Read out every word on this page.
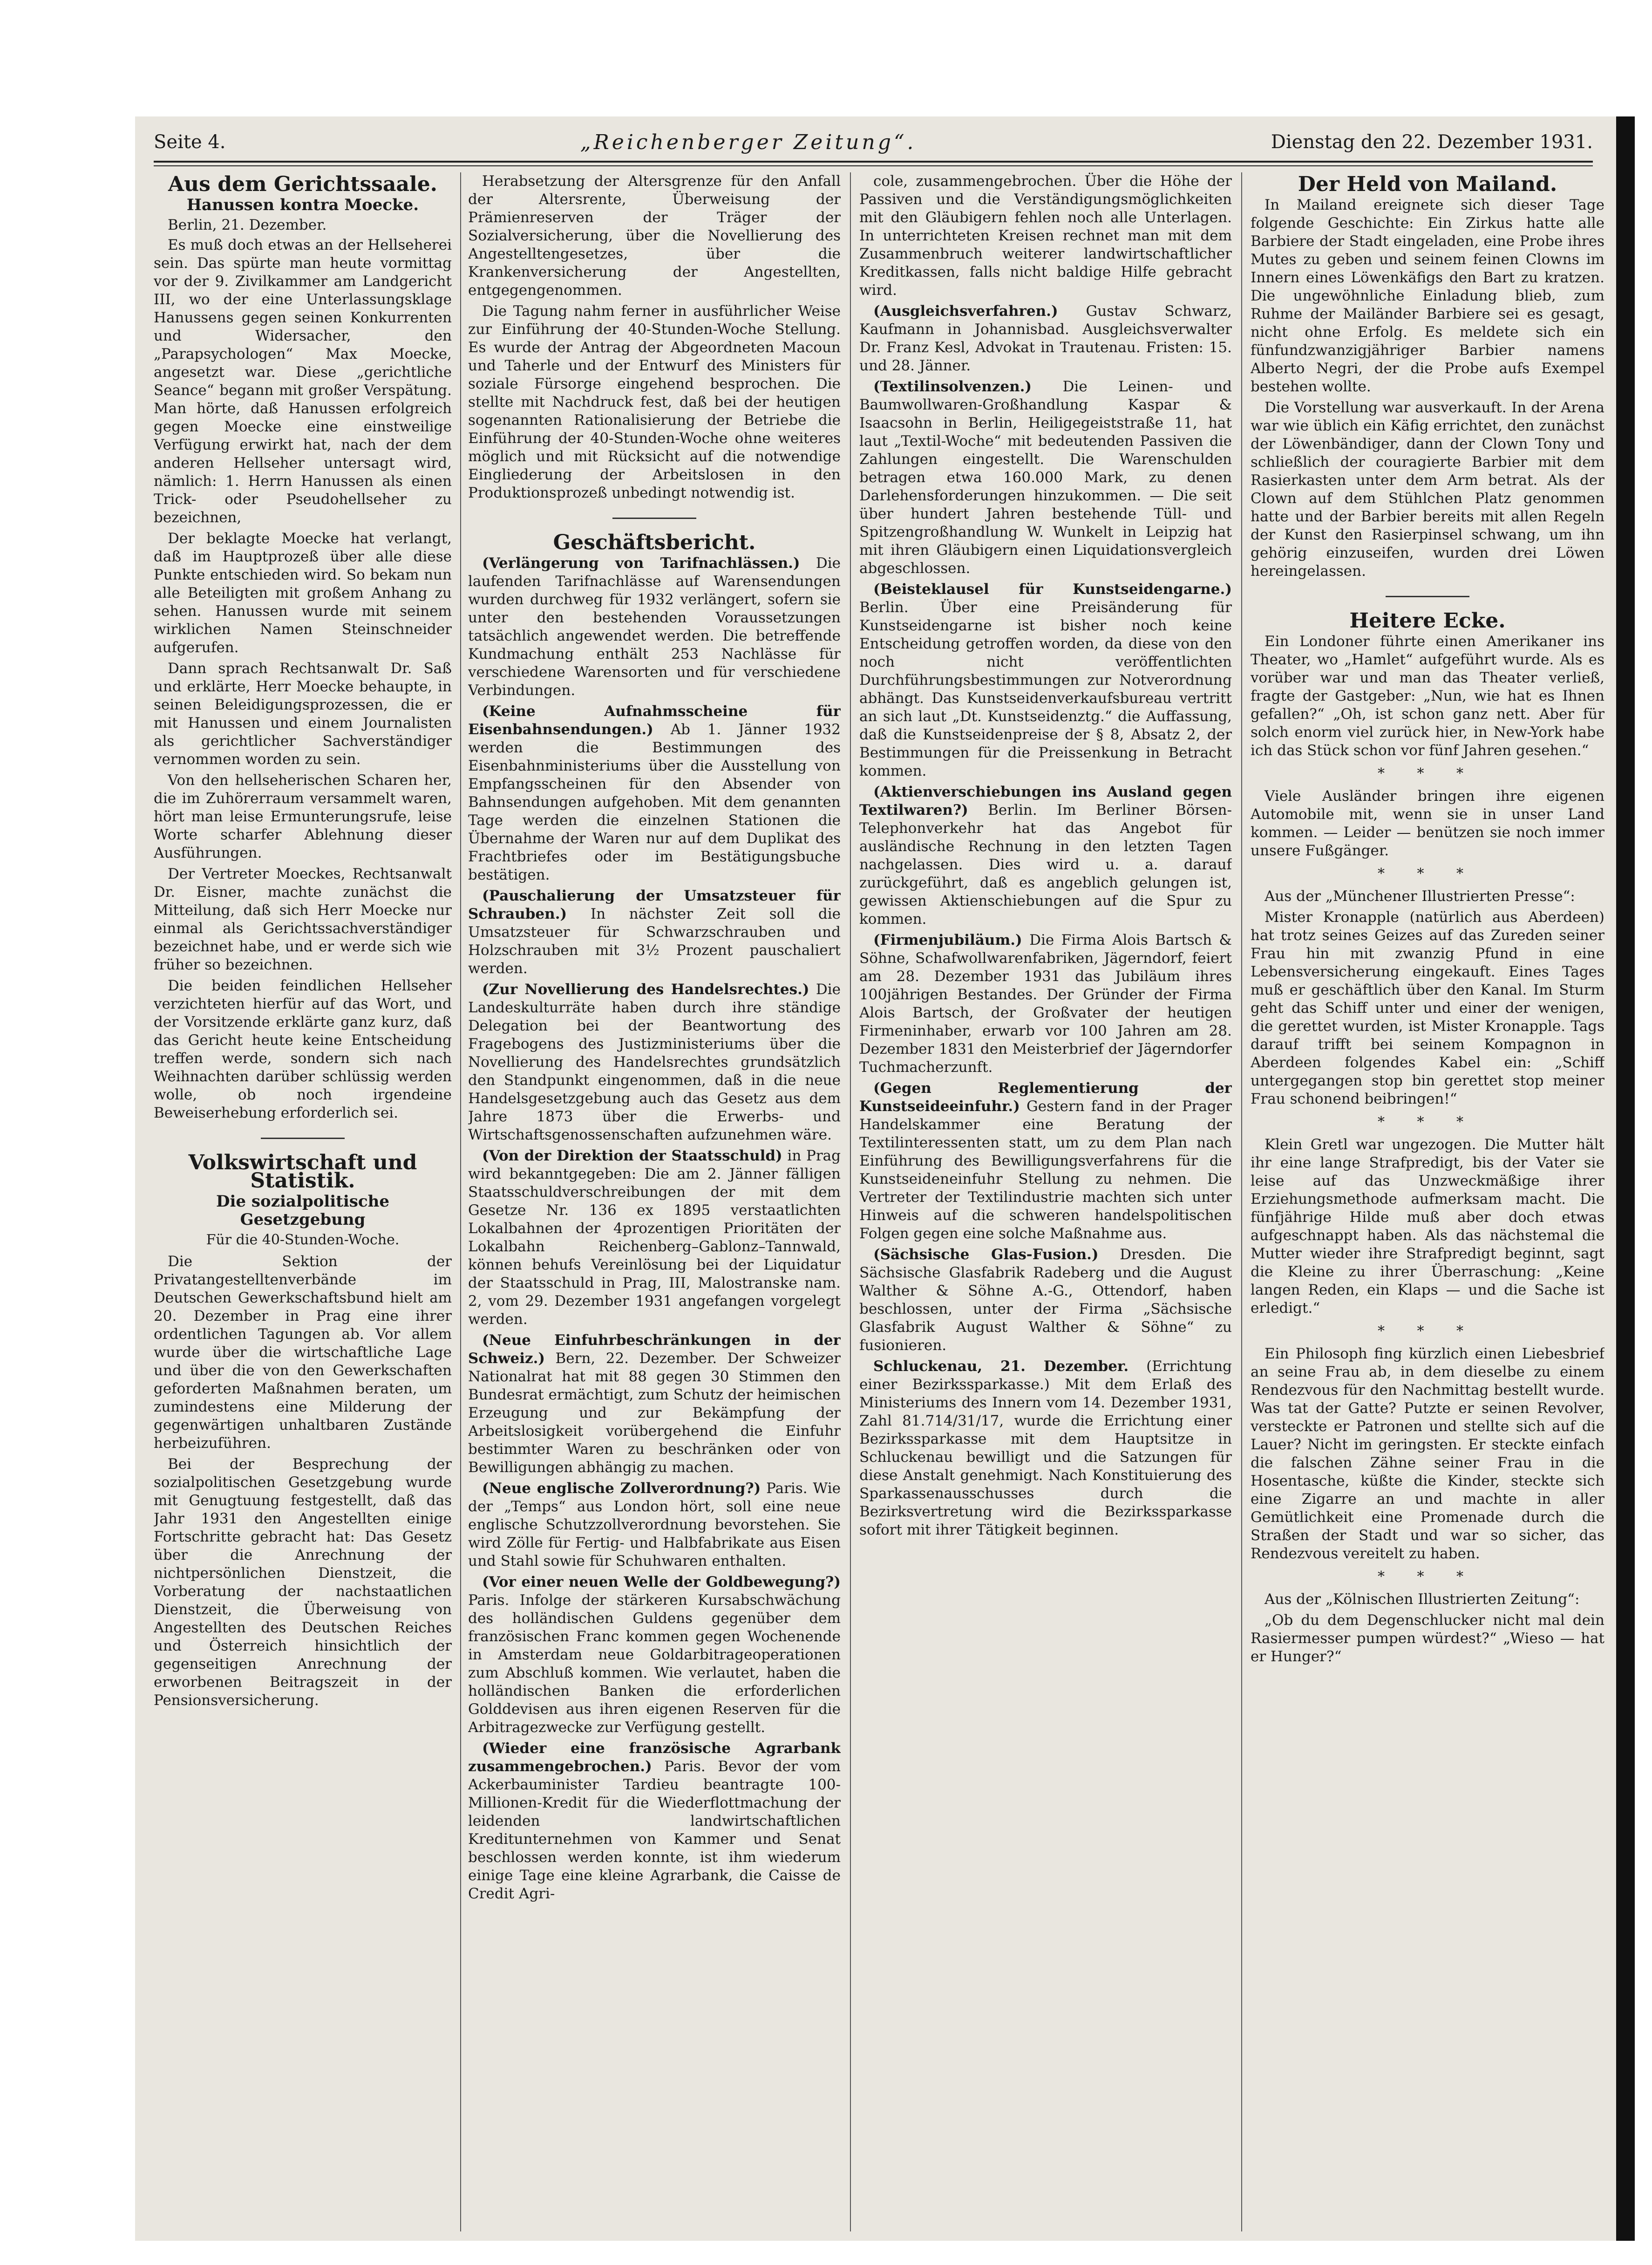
Seite 4.	„Reichenberger Zeitung“.	Dienstag den 22. Dezember 1931.
Aus dem Gerichtssaale.
Hanussen kontra Moecke.
Berlin, 21. Dezember.

Es muß doch etwas an der Hellseherei sein. Das spürte man heute vormittag vor der 9. Zivilkammer am Landgericht III, wo der eine Unterlassungsklage Hanussens gegen seinen Konkurrenten und Widersacher, den „Parapsychologen“ Max Moecke, angesetzt war. Diese „gerichtliche Seance“ begann mit großer Verspätung. Man hörte, daß Hanussen erfolgreich gegen Moecke eine einstweilige Verfügung erwirkt hat, nach der dem anderen Hellseher untersagt wird, nämlich: 1. Herrn Hanussen als einen Trick- oder Pseudohellseher zu bezeichnen,

Der beklagte Moecke hat verlangt, daß im Hauptprozeß über alle diese Punkte entschieden wird. So bekam nun alle Beteiligten mit großem Anhang zu sehen. Hanussen wurde mit seinem wirklichen Namen Steinschneider aufgerufen.

Dann sprach Rechtsanwalt Dr. Saß und erklärte, Herr Moecke behaupte, in seinen Beleidigungsprozessen, die er mit Hanussen und einem Journalisten als gerichtlicher Sachverständiger vernommen worden zu sein.

Von den hellseherischen Scharen her, die im Zuhörerraum versammelt waren, hört man leise Ermunterungsrufe, leise Worte scharfer Ablehnung dieser Ausführungen.

Der Vertreter Moeckes, Rechtsanwalt Dr. Eisner, machte zunächst die Mitteilung, daß sich Herr Moecke nur einmal als Gerichtssachverständiger bezeichnet habe, und er werde sich wie früher so bezeichnen.

Die beiden feindlichen Hellseher verzichteten hierfür auf das Wort, und der Vorsitzende erklärte ganz kurz, daß das Gericht heute keine Entscheidung treffen werde, sondern sich nach Weihnachten darüber schlüssig werden wolle, ob noch irgendeine Beweiserhebung erforderlich sei.

Volkswirtschaft und Statistik.
Die sozialpolitische Gesetzgebung
Für die 40-Stunden-Woche.

Die Sektion der Privatangestelltenverbände im Deutschen Gewerkschaftsbund hielt am 20. Dezember in Prag eine ihrer ordentlichen Tagungen ab. Vor allem wurde über die wirtschaftliche Lage und über die von den Gewerkschaften geforderten Maßnahmen beraten, um zumindestens eine Milderung der gegenwärtigen unhaltbaren Zustände herbeizuführen.

Bei der Besprechung der sozialpolitischen Gesetzgebung wurde mit Genugtuung festgestellt, daß das Jahr 1931 den Angestellten einige Fortschritte gebracht hat: Das Gesetz über die Anrechnung der nichtpersönlichen Dienstzeit, die Vorberatung der nachstaatlichen Dienstzeit, die Überweisung von Angestellten des Deutschen Reiches und Österreich hinsichtlich der gegenseitigen Anrechnung der erworbenen Beitragszeit in der Pensionsversicherung.

Herabsetzung der Altersgrenze für den Anfall der Altersrente, Überweisung der Prämienreserven der Träger der Sozialversicherung, über die Novellierung des Angestelltengesetzes, über die Krankenversicherung der Angestellten, entgegengenommen.

Die Tagung nahm ferner in ausführlicher Weise zur Einführung der 40-Stunden-Woche Stellung. Es wurde der Antrag der Abgeordneten Macoun und Taherle und der Entwurf des Ministers für soziale Fürsorge eingehend besprochen. Die stellte mit Nachdruck fest, daß bei der heutigen sogenannten Rationalisierung der Betriebe die Einführung der 40-Stunden-Woche ohne weiteres möglich und mit Rücksicht auf die notwendige Eingliederung der Arbeitslosen in den Produktionsprozeß unbedingt notwendig ist.

Geschäftsbericht.

(Verlängerung von Tarifnachlässen.) Die laufenden Tarifnachlässe auf Warensendungen wurden durchweg für 1932 verlängert, sofern sie unter den bestehenden Voraussetzungen tatsächlich angewendet werden. Die betreffende Kundmachung enthält 253 Nachlässe für verschiedene Warensorten und für verschiedene Verbindungen.

(Keine Aufnahmsscheine für Eisenbahnsendungen.) Ab 1. Jänner 1932 werden die Bestimmungen des Eisenbahnministeriums über die Ausstellung von Empfangsscheinen für den Absender von Bahnsendungen aufgehoben. Mit dem genannten Tage werden die einzelnen Stationen die Übernahme der Waren nur auf dem Duplikat des Frachtbriefes oder im Bestätigungsbuche bestätigen.

(Pauschalierung der Umsatzsteuer für Schrauben.) In nächster Zeit soll die Umsatzsteuer für Schwarzschrauben und Holzschrauben mit 3½ Prozent pauschaliert werden.

(Zur Novellierung des Handelsrechtes.) Die Landeskulturräte haben durch ihre ständige Delegation bei der Beantwortung des Fragebogens des Justizministeriums über die Novellierung des Handelsrechtes grundsätzlich den Standpunkt eingenommen, daß in die neue Handelsgesetzgebung auch das Gesetz aus dem Jahre 1873 über die Erwerbs- und Wirtschaftsgenossenschaften aufzunehmen wäre.

(Von der Direktion der Staatsschuld) in Prag wird bekanntgegeben: Die am 2. Jänner fälligen Staatsschuldverschreibungen der mit dem Gesetze Nr. 136 ex 1895 verstaatlichten Lokalbahnen der 4prozentigen Prioritäten der Lokalbahn Reichenberg–Gablonz–Tannwald, können behufs Vereinlösung bei der Liquidatur der Staatsschuld in Prag, III, Malostranske nam. 2, vom 29. Dezember 1931 angefangen vorgelegt werden.

(Neue Einfuhrbeschränkungen in der Schweiz.) Bern, 22. Dezember. Der Schweizer Nationalrat hat mit 88 gegen 30 Stimmen den Bundesrat ermächtigt, zum Schutz der heimischen Erzeugung und zur Bekämpfung der Arbeitslosigkeit vorübergehend die Einfuhr bestimmter Waren zu beschränken oder von Bewilligungen abhängig zu machen.

(Neue englische Zollverordnung?) Paris. Wie der „Temps“ aus London hört, soll eine neue englische Schutzzollverordnung bevorstehen. Sie wird Zölle für Fertig- und Halbfabrikate aus Eisen und Stahl sowie für Schuhwaren enthalten.

(Vor einer neuen Welle der Goldbewegung?) Paris. Infolge der stärkeren Kursabschwächung des holländischen Guldens gegenüber dem französischen Franc kommen gegen Wochenende in Amsterdam neue Goldarbitrageoperationen zum Abschluß kommen. Wie verlautet, haben die holländischen Banken die erforderlichen Golddevisen aus ihren eigenen Reserven für die Arbitragezwecke zur Verfügung gestellt.

(Wieder eine französische Agrarbank zusammengebrochen.) Paris. Bevor der vom Ackerbauminister Tardieu beantragte 100-Millionen-Kredit für die Wiederflottmachung der leidenden landwirtschaftlichen Kreditunternehmen von Kammer und Senat beschlossen werden konnte, ist ihm wiederum einige Tage eine kleine Agrarbank, die Caisse de Credit Agri-

cole, zusammengebrochen. Über die Höhe der Passiven und die Verständigungsmöglichkeiten mit den Gläubigern fehlen noch alle Unterlagen. In unterrichteten Kreisen rechnet man mit dem Zusammenbruch weiterer landwirtschaftlicher Kreditkassen, falls nicht baldige Hilfe gebracht wird.

(Ausgleichsverfahren.) Gustav Schwarz, Kaufmann in Johannisbad. Ausgleichsverwalter Dr. Franz Kesl, Advokat in Trautenau. Fristen: 15. und 28. Jänner.

(Textilinsolvenzen.) Die Leinen- und Baumwollwaren-Großhandlung Kaspar & Isaacsohn in Berlin, Heiligegeiststraße 11, hat laut „Textil-Woche“ mit bedeutenden Passiven die Zahlungen eingestellt. Die Warenschulden betragen etwa 160.000 Mark, zu denen Darlehensforderungen hinzukommen. — Die seit über hundert Jahren bestehende Tüll- und Spitzengroßhandlung W. Wunkelt in Leipzig hat mit ihren Gläubigern einen Liquidationsvergleich abgeschlossen.

(Beisteklausel für Kunstseidengarne.) Berlin. Über eine Preisänderung für Kunstseidengarne ist bisher noch keine Entscheidung getroffen worden, da diese von den noch nicht veröffentlichten Durchführungsbestimmungen zur Notverordnung abhängt. Das Kunstseidenverkaufsbureau vertritt an sich laut „Dt. Kunstseidenztg.“ die Auffassung, daß die Kunstseidenpreise der § 8, Absatz 2, der Bestimmungen für die Preissenkung in Betracht kommen.

(Aktienverschiebungen ins Ausland gegen Textilwaren?) Berlin. Im Berliner Börsen-Telephonverkehr hat das Angebot für ausländische Rechnung in den letzten Tagen nachgelassen. Dies wird u. a. darauf zurückgeführt, daß es angeblich gelungen ist, gewissen Aktienschiebungen auf die Spur zu kommen.

(Firmenjubiläum.) Die Firma Alois Bartsch & Söhne, Schafwollwarenfabriken, Jägerndorf, feiert am 28. Dezember 1931 das Jubiläum ihres 100jährigen Bestandes. Der Gründer der Firma Alois Bartsch, der Großvater der heutigen Firmeninhaber, erwarb vor 100 Jahren am 28. Dezember 1831 den Meisterbrief der Jägerndorfer Tuchmacherzunft.

(Gegen Reglementierung der Kunstseideeinfuhr.) Gestern fand in der Prager Handelskammer eine Beratung der Textilinteressenten statt, um zu dem Plan nach Einführung des Bewilligungsverfahrens für die Kunstseideneinfuhr Stellung zu nehmen. Die Vertreter der Textilindustrie machten sich unter Hinweis auf die schweren handelspolitischen Folgen gegen eine solche Maßnahme aus.

(Sächsische Glas-Fusion.) Dresden. Die Sächsische Glasfabrik Radeberg und die August Walther & Söhne A.-G., Ottendorf, haben beschlossen, unter der Firma „Sächsische Glasfabrik August Walther & Söhne“ zu fusionieren.

Schluckenau, 21. Dezember. (Errichtung einer Bezirkssparkasse.) Mit dem Erlaß des Ministeriums des Innern vom 14. Dezember 1931, Zahl 81.714/31/17, wurde die Errichtung einer Bezirkssparkasse mit dem Hauptsitze in Schluckenau bewilligt und die Satzungen für diese Anstalt genehmigt. Nach Konstituierung des Sparkassenausschusses durch die Bezirksvertretung wird die Bezirkssparkasse sofort mit ihrer Tätigkeit beginnen.

Der Held von Mailand.

In Mailand ereignete sich dieser Tage folgende Geschichte: Ein Zirkus hatte alle Barbiere der Stadt eingeladen, eine Probe ihres Mutes zu geben und seinem feinen Clowns im Innern eines Löwenkäfigs den Bart zu kratzen. Die ungewöhnliche Einladung blieb, zum Ruhme der Mailänder Barbiere sei es gesagt, nicht ohne Erfolg. Es meldete sich ein fünfundzwanzigjähriger Barbier namens Alberto Negri, der die Probe aufs Exempel bestehen wollte.

Die Vorstellung war ausverkauft. In der Arena war wie üblich ein Käfig errichtet, den zunächst der Löwenbändiger, dann der Clown Tony und schließlich der couragierte Barbier mit dem Rasierkasten unter dem Arm betrat. Als der Clown auf dem Stühlchen Platz genommen hatte und der Barbier bereits mit allen Regeln der Kunst den Rasierpinsel schwang, um ihn gehörig einzuseifen, wurden drei Löwen hereingelassen.

Heitere Ecke.

Ein Londoner führte einen Amerikaner ins Theater, wo „Hamlet“ aufgeführt wurde. Als es vorüber war und man das Theater verließ, fragte der Gastgeber: „Nun, wie hat es Ihnen gefallen?“ „Oh, ist schon ganz nett. Aber für solch enorm viel zurück hier, in New-York habe ich das Stück schon vor fünf Jahren gesehen.“

* * *

Viele Ausländer bringen ihre eigenen Automobile mit, wenn sie in unser Land kommen. — Leider — benützen sie noch immer unsere Fußgänger.

* * *

Aus der „Münchener Illustrierten Presse“:

Mister Kronapple (natürlich aus Aberdeen) hat trotz seines Geizes auf das Zureden seiner Frau hin mit zwanzig Pfund in eine Lebensversicherung eingekauft. Eines Tages muß er geschäftlich über den Kanal. Im Sturm geht das Schiff unter und einer der wenigen, die gerettet wurden, ist Mister Kronapple. Tags darauf trifft bei seinem Kompagnon in Aberdeen folgendes Kabel ein: „Schiff untergegangen stop bin gerettet stop meiner Frau schonend beibringen!“

* * *

Klein Gretl war ungezogen. Die Mutter hält ihr eine lange Strafpredigt, bis der Vater sie leise auf das Unzweckmäßige ihrer Erziehungsmethode aufmerksam macht. Die fünfjährige Hilde muß aber doch etwas aufgeschnappt haben. Als das nächstemal die Mutter wieder ihre Strafpredigt beginnt, sagt die Kleine zu ihrer Überraschung: „Keine langen Reden, ein Klaps — und die Sache ist erledigt.“

* * *

Ein Philosoph fing kürzlich einen Liebesbrief an seine Frau ab, in dem dieselbe zu einem Rendezvous für den Nachmittag bestellt wurde. Was tat der Gatte? Putzte er seinen Revolver, versteckte er Patronen und stellte sich auf die Lauer? Nicht im geringsten. Er steckte einfach die falschen Zähne seiner Frau in die Hosentasche, küßte die Kinder, steckte sich eine Zigarre an und machte in aller Gemütlichkeit eine Promenade durch die Straßen der Stadt und war so sicher, das Rendezvous vereitelt zu haben.

* * *

Aus der „Kölnischen Illustrierten Zeitung“:

„Ob du dem Degenschlucker nicht mal dein Rasiermesser pumpen würdest?“ „Wieso — hat er Hunger?“
